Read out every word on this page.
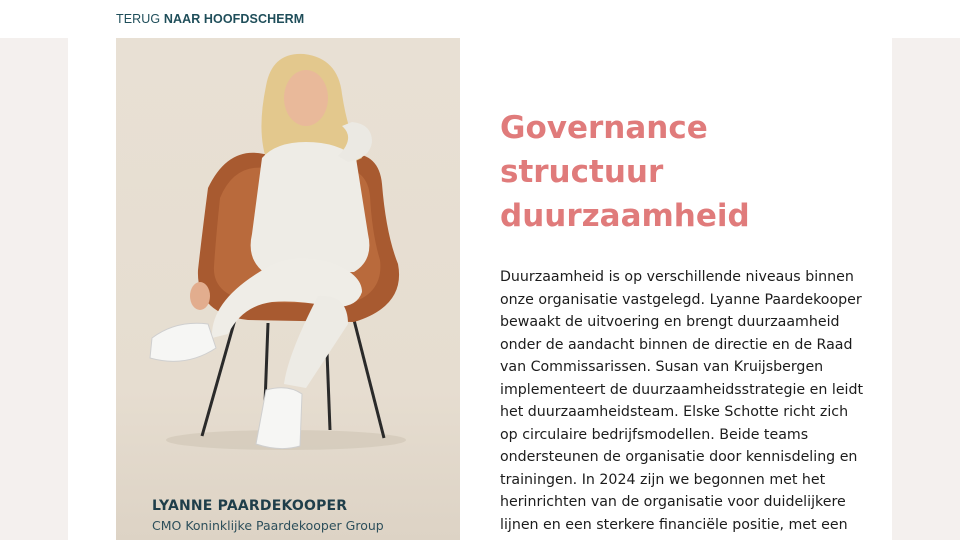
TERUG NAAR HOOFDSCHERM
LYANNE PAARDEKOOPER
CMO Koninklijke Paardekooper Group
Governance
structuur
duurzaamheid
Duurzaamheid is op verschillende niveaus binnen
onze organisatie vastgelegd. Lyanne Paardekooper
bewaakt de uitvoering en brengt duurzaamheid
onder de aandacht binnen de directie en de Raad
van Commissarissen. Susan van Kruijsbergen
implementeert de duurzaamheidsstrategie en leidt
het duurzaamheidsteam. Elske Schotte richt zich
op circulaire bedrijfsmodellen. Beide teams
ondersteunen de organisatie door kennisdeling en
trainingen. In 2024 zijn we begonnen met het
herinrichten van de organisatie voor duidelijkere
lijnen en een sterkere financiële positie, met een
